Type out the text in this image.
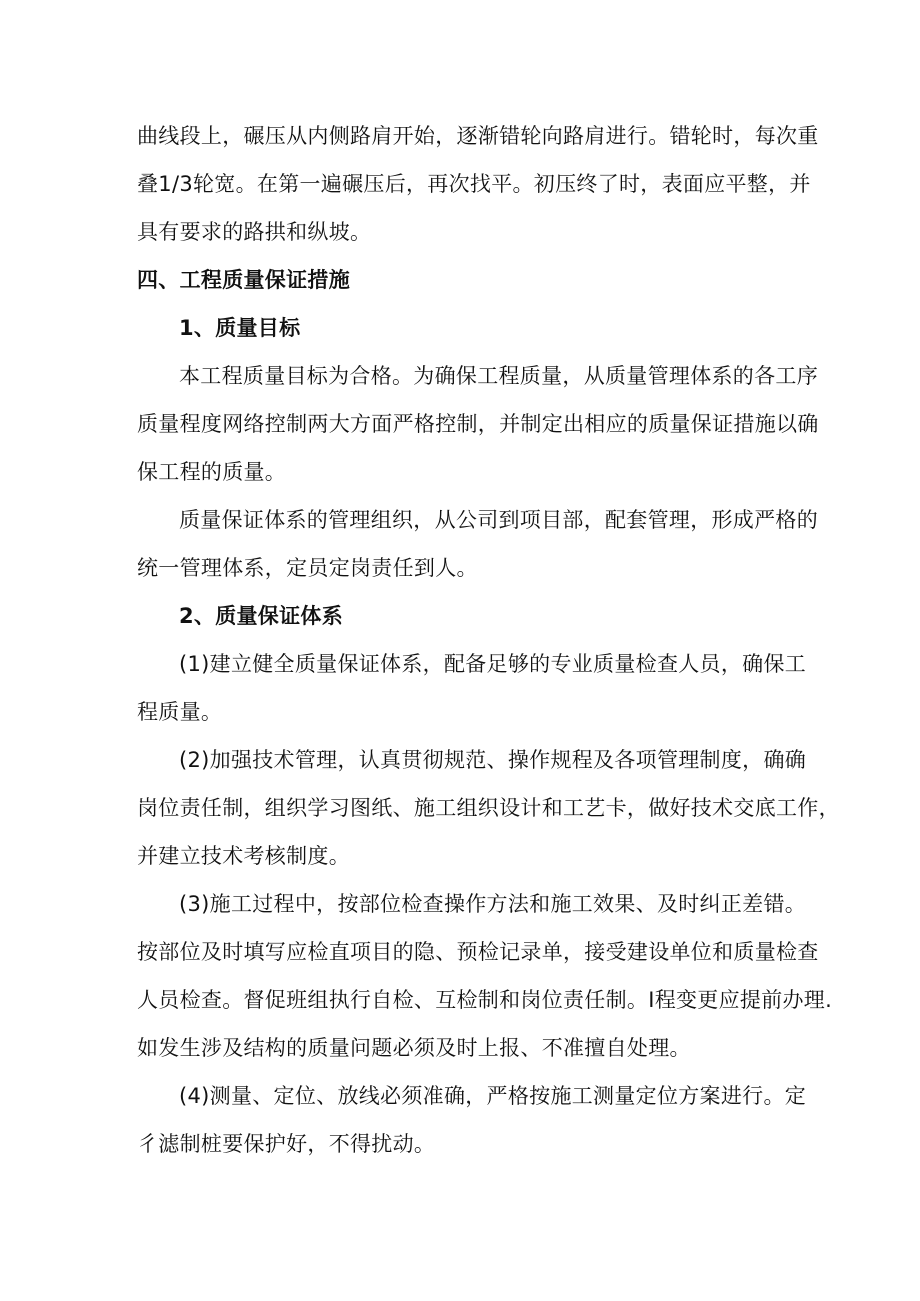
曲线段上，碾压从内侧路肩开始，逐渐错轮向路肩进行。错轮时，每次重
叠1/3轮宽。在第一遍碾压后，再次找平。初压终了时，表面应平整，并
具有要求的路拱和纵坡。
四、工程质量保证措施
1、质量目标
本工程质量目标为合格。为确保工程质量，从质量管理体系的各工序
质量程度网络控制两大方面严格控制，并制定出相应的质量保证措施以确
保工程的质量。
质量保证体系的管理组织，从公司到项目部，配套管理，形成严格的
统一管理体系，定员定岗责任到人。
2、质量保证体系
(1)建立健全质量保证体系，配备足够的专业质量检查人员，确保工
程质量。
(2)加强技术管理，认真贯彻规范、操作规程及各项管理制度，确确
岗位责任制，组织学习图纸、施工组织设计和工艺卡，做好技术交底工作，
并建立技术考核制度。
(3)施工过程中，按部位检查操作方法和施工效果、及时纠正差错。
按部位及时填写应检直项目的隐、预检记录单，接受建设单位和质量检查
人员检查。督促班组执行自检、互检制和岗位责任制。I程变更应提前办理.
如发生涉及结构的质量问题必须及时上报、不准擅自处理。
(4)测量、定位、放线必须准确，严格按施工测量定位方案进行。定
彳滤制桩要保护好，不得扰动。
